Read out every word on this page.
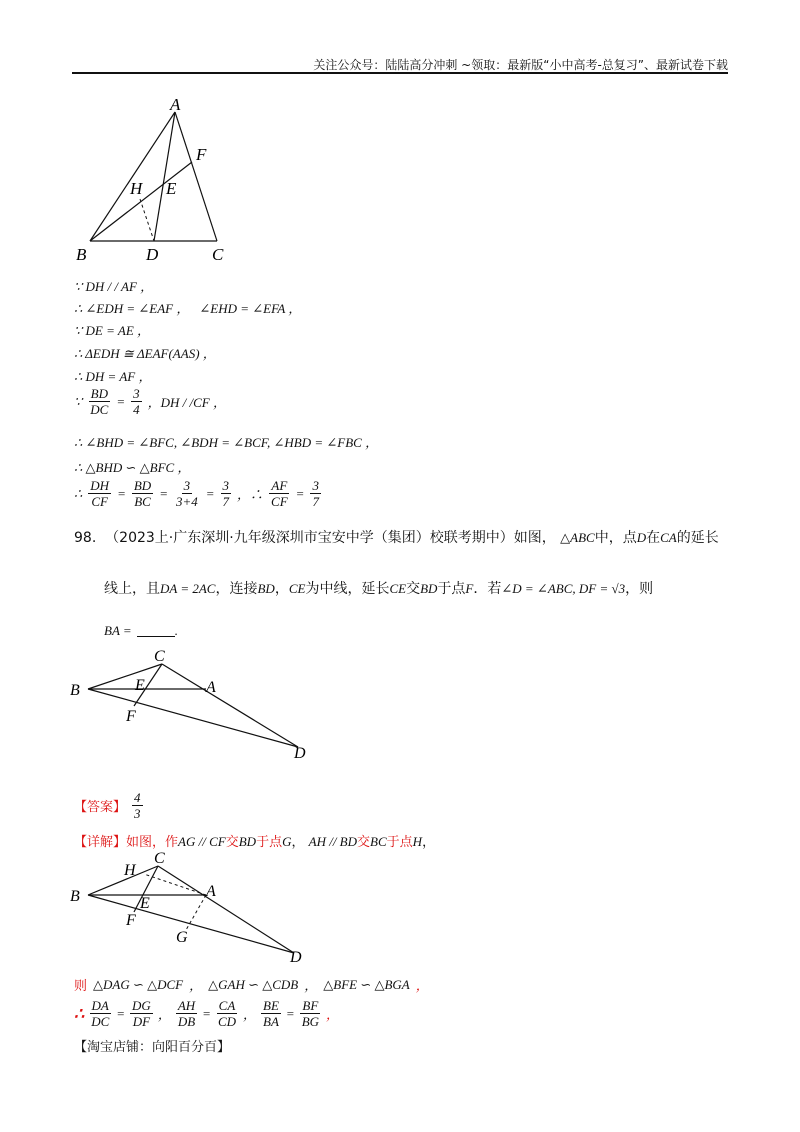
关注公众号：陆陆高分冲刺 ~领取：最新版“小中高考-总复习”、最新试卷下载
A
F
H E
B	D	C
∵ DH / / AF ，
∴ ∠EDH = ∠EAF ， ∠EHD = ∠EFA ，
∵ DE = AE ，
∴ ΔEDH ≅ ΔEAF(AAS) ，
∴ DH = AF ，
∵ $\frac{BD}{DC} = \frac{3}{4}$ ，DH / /CF ，
∴ ∠BHD = ∠BFC, ∠BDH = ∠BCF, ∠HBD = ∠FBC ，
∴ △BHD ∽ △BFC ，
∴ $\frac{DH}{CF} = \frac{BD}{BC} = \frac{3}{3+4} = \frac{3}{7}$ ，∴ $\frac{AF}{CF} = \frac{3}{7}$
98. （2023上·广东深圳·九年级深圳市宝安中学（集团）校联考期中）如图， △ABC中，点D在CA的延长
线上，且DA = 2AC，连接BD，CE为中线，延长CE交BD于点F．若∠D = ∠ABC, DF = √3，则
BA =	.
C
B	E	A
F
D
【答案】 $\frac{4}{3}$
【详解】如图，作AG // CF交BD于点G， AH // BD交BC于点H，
H
C
B	A
E
F
G
D
则 △DAG ∽ △DCF ， △GAH ∽ △CDB ， △BFE ∽ △BGA ，
∴ $\frac{DA}{DC} = \frac{DG}{DF}$ ， $\frac{AH}{DB} = \frac{CA}{CD}$ ， $\frac{BE}{BA} = \frac{BF}{BG}$ ，
【淘宝店铺：向阳百分百】
